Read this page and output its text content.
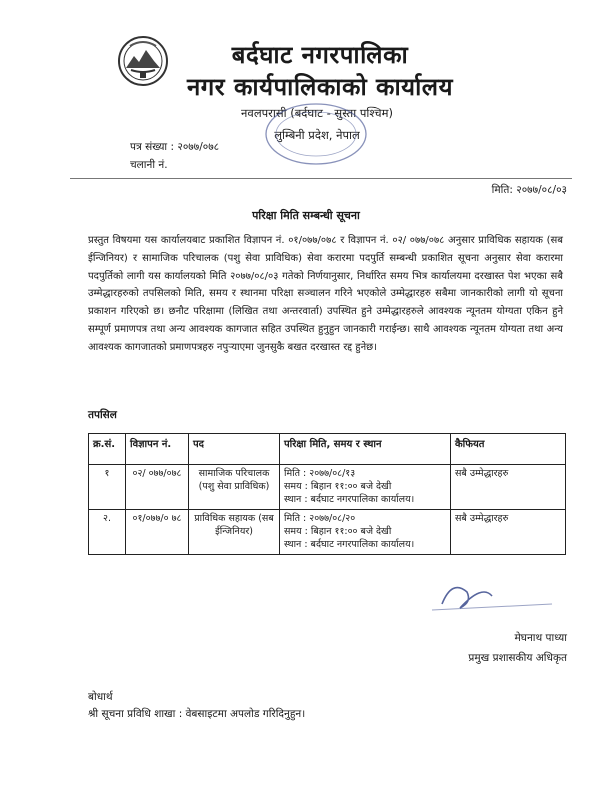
बर्दघाट नगरपालिका
नगर कार्यपालिकाको कार्यालय
नवलपरासी (बर्दघाट - सुस्ता पश्चिम)
लुम्बिनी प्रदेश, नेपाल
पत्र संख्या : २०७७/०७८
चलानी नं.
मिति: २०७७/०८/०३
परिक्षा मिति सम्बन्धी सूचना

प्रस्तुत विषयमा यस कार्यालयबाट प्रकाशित विज्ञापन नं. ०१/०७७/०७८ र विज्ञापन नं. ०२/ ०७७/०७८ अनुसार प्राविधिक सहायक (सब ईन्जिनियर) र सामाजिक परिचालक (पशु सेवा प्राविधिक) सेवा करारमा पदपुर्ति सम्बन्धी प्रकाशित सूचना अनुसार सेवा करारमा पदपुर्तिको लागी यस कार्यालयको मिति २०७७/०८/०३ गतेको निर्णयानुसार, निर्धारित समय भित्र कार्यालयमा दरखास्त पेश भएका सबै उम्मेद्धारहरुको तपसिलको मिति, समय र स्थानमा परिक्षा सञ्चालन गरिने भएकोले उम्मेद्धारहरु सबैमा जानकारीको लागी यो सूचना प्रकाशन गरिएको छ। छनौट परिक्षामा (लिखित तथा अन्तरवार्ता) उपस्थित हुने उम्मेद्धारहरुले आवश्यक न्यूनतम योग्यता एकिन हुने सम्पूर्ण प्रमाणपत्र तथा अन्य आवश्यक कागजात सहित उपस्थित हुनुहुन जानकारी गराईन्छ। साथै आवश्यक न्यूनतम योग्यता तथा अन्य आवश्यक कागजातको प्रमाणपत्रहरु नपुर्‍याएमा जुनसुकै बखत दरखास्त रद्द हुनेछ।

तपसिल
क्र.सं.	विज्ञापन नं.	पद	परिक्षा मिति, समय र स्थान	कैफियत
१	०२/ ०७७/०७८	सामाजिक परिचालक (पशु सेवा प्राविधिक)	मिति : २०७७/०८/१३
समय : बिहान ११:०० बजे देखी
स्थान : बर्दघाट नगरपालिका कार्यालय।	सबै उम्मेद्धारहरु
२.	०१/०७७/० ७८	प्राविधिक सहायक (सब ईन्जिनियर)	मिति : २०७७/०८/२०
समय : बिहान ११:०० बजे देखी
स्थान : बर्दघाट नगरपालिका कार्यालय।	सबै उम्मेद्धारहरु
मेघनाथ पाध्या
प्रमुख प्रशासकीय अधिकृत
बोधार्थ
श्री सूचना प्रविधि शाखा : वेबसाइटमा अपलोड गरिदिनुहुन।
